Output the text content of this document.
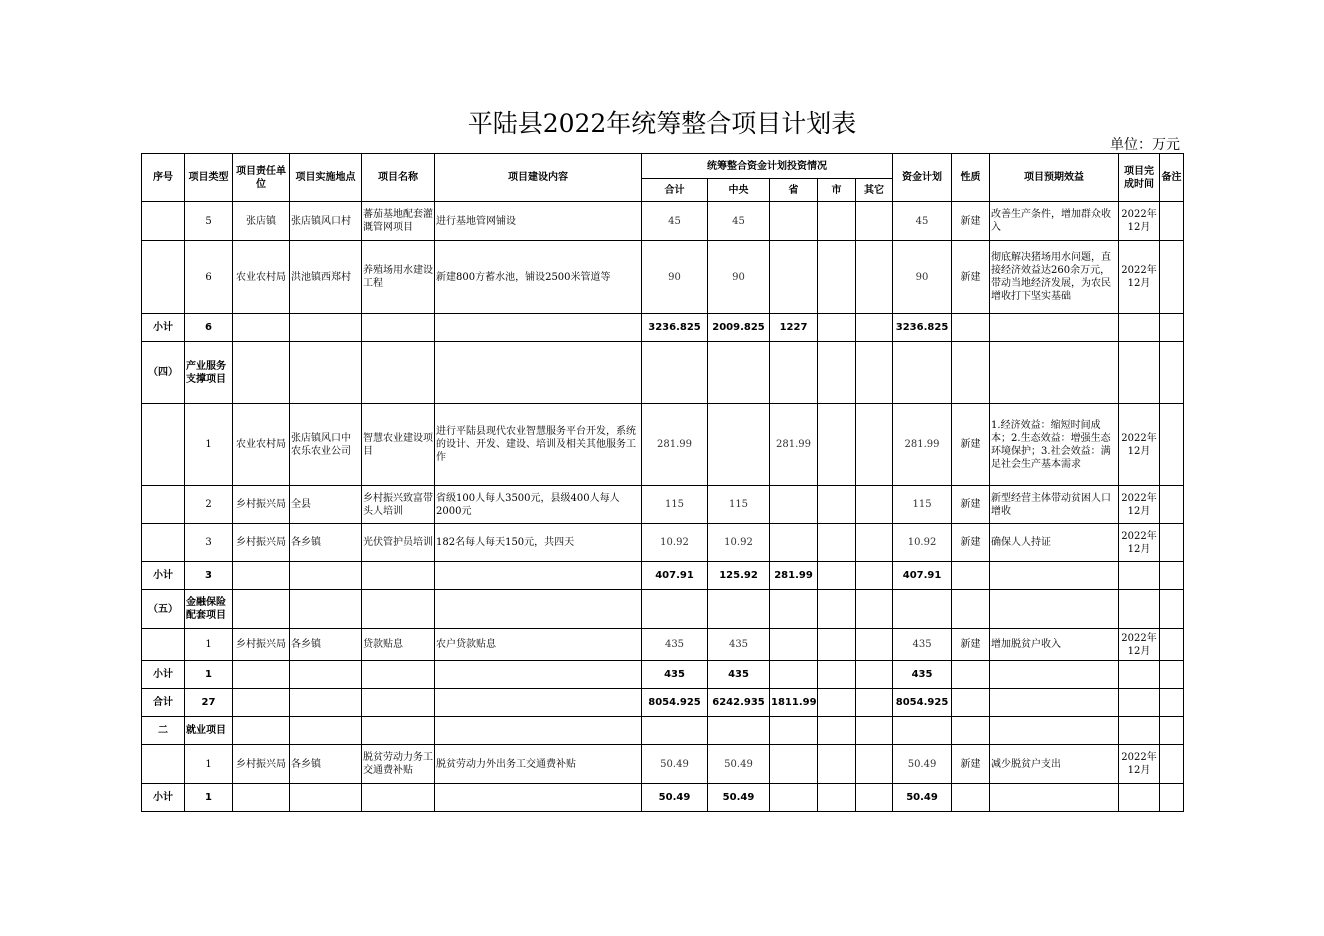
平陆县2022年统筹整合项目计划表
单位：万元
序号	项目类型	项目责任单位	项目实施地点	项目名称	项目建设内容	统筹整合资金计划投资情况					资金计划	性质	项目预期效益	项目完成时间	备注
						合计	中央	省	市	其它					
	5	张店镇	张店镇风口村	蕃茄基地配套灌溉管网项目	进行基地管网铺设	45	45				45	新建	改善生产条件，增加群众收入	2022年12月	
	6	农业农村局	洪池镇西郑村	养殖场用水建设工程	新建800方蓄水池，铺设2500米管道等	90	90				90	新建	彻底解决猪场用水问题，直接经济效益达260余万元，带动当地经济发展，为农民增收打下坚实基础	2022年12月	
小计	6					3236.825	2009.825	1227			3236.825				
（四）	产业服务支撑项目														
	1	农业农村局	张店镇风口中农乐农业公司	智慧农业建设项目	进行平陆县现代农业智慧服务平台开发，系统的设计、开发、建设、培训及相关其他服务工作	281.99		281.99			281.99	新建	1.经济效益：缩短时间成本；2.生态效益：增强生态环境保护；3.社会效益：满足社会生产基本需求	2022年12月	
	2	乡村振兴局	全县	乡村振兴致富带头人培训	省级100人每人3500元，县级400人每人2000元	115	115				115	新建	新型经营主体带动贫困人口增收	2022年12月	
	3	乡村振兴局	各乡镇	光伏管护员培训	182名每人每天150元，共四天	10.92	10.92				10.92	新建	确保人人持证	2022年12月	
小计	3					407.91	125.92	281.99			407.91				
（五）	金融保险配套项目														
	1	乡村振兴局	各乡镇	贷款贴息	农户贷款贴息	435	435				435	新建	增加脱贫户收入	2022年12月	
小计	1					435	435				435				
合计	27					8054.925	6242.935	1811.99			8054.925				
二	就业项目														
	1	乡村振兴局	各乡镇	脱贫劳动力务工交通费补贴	脱贫劳动力外出务工交通费补贴	50.49	50.49				50.49	新建	减少脱贫户支出	2022年12月	
小计	1					50.49	50.49				50.49				
